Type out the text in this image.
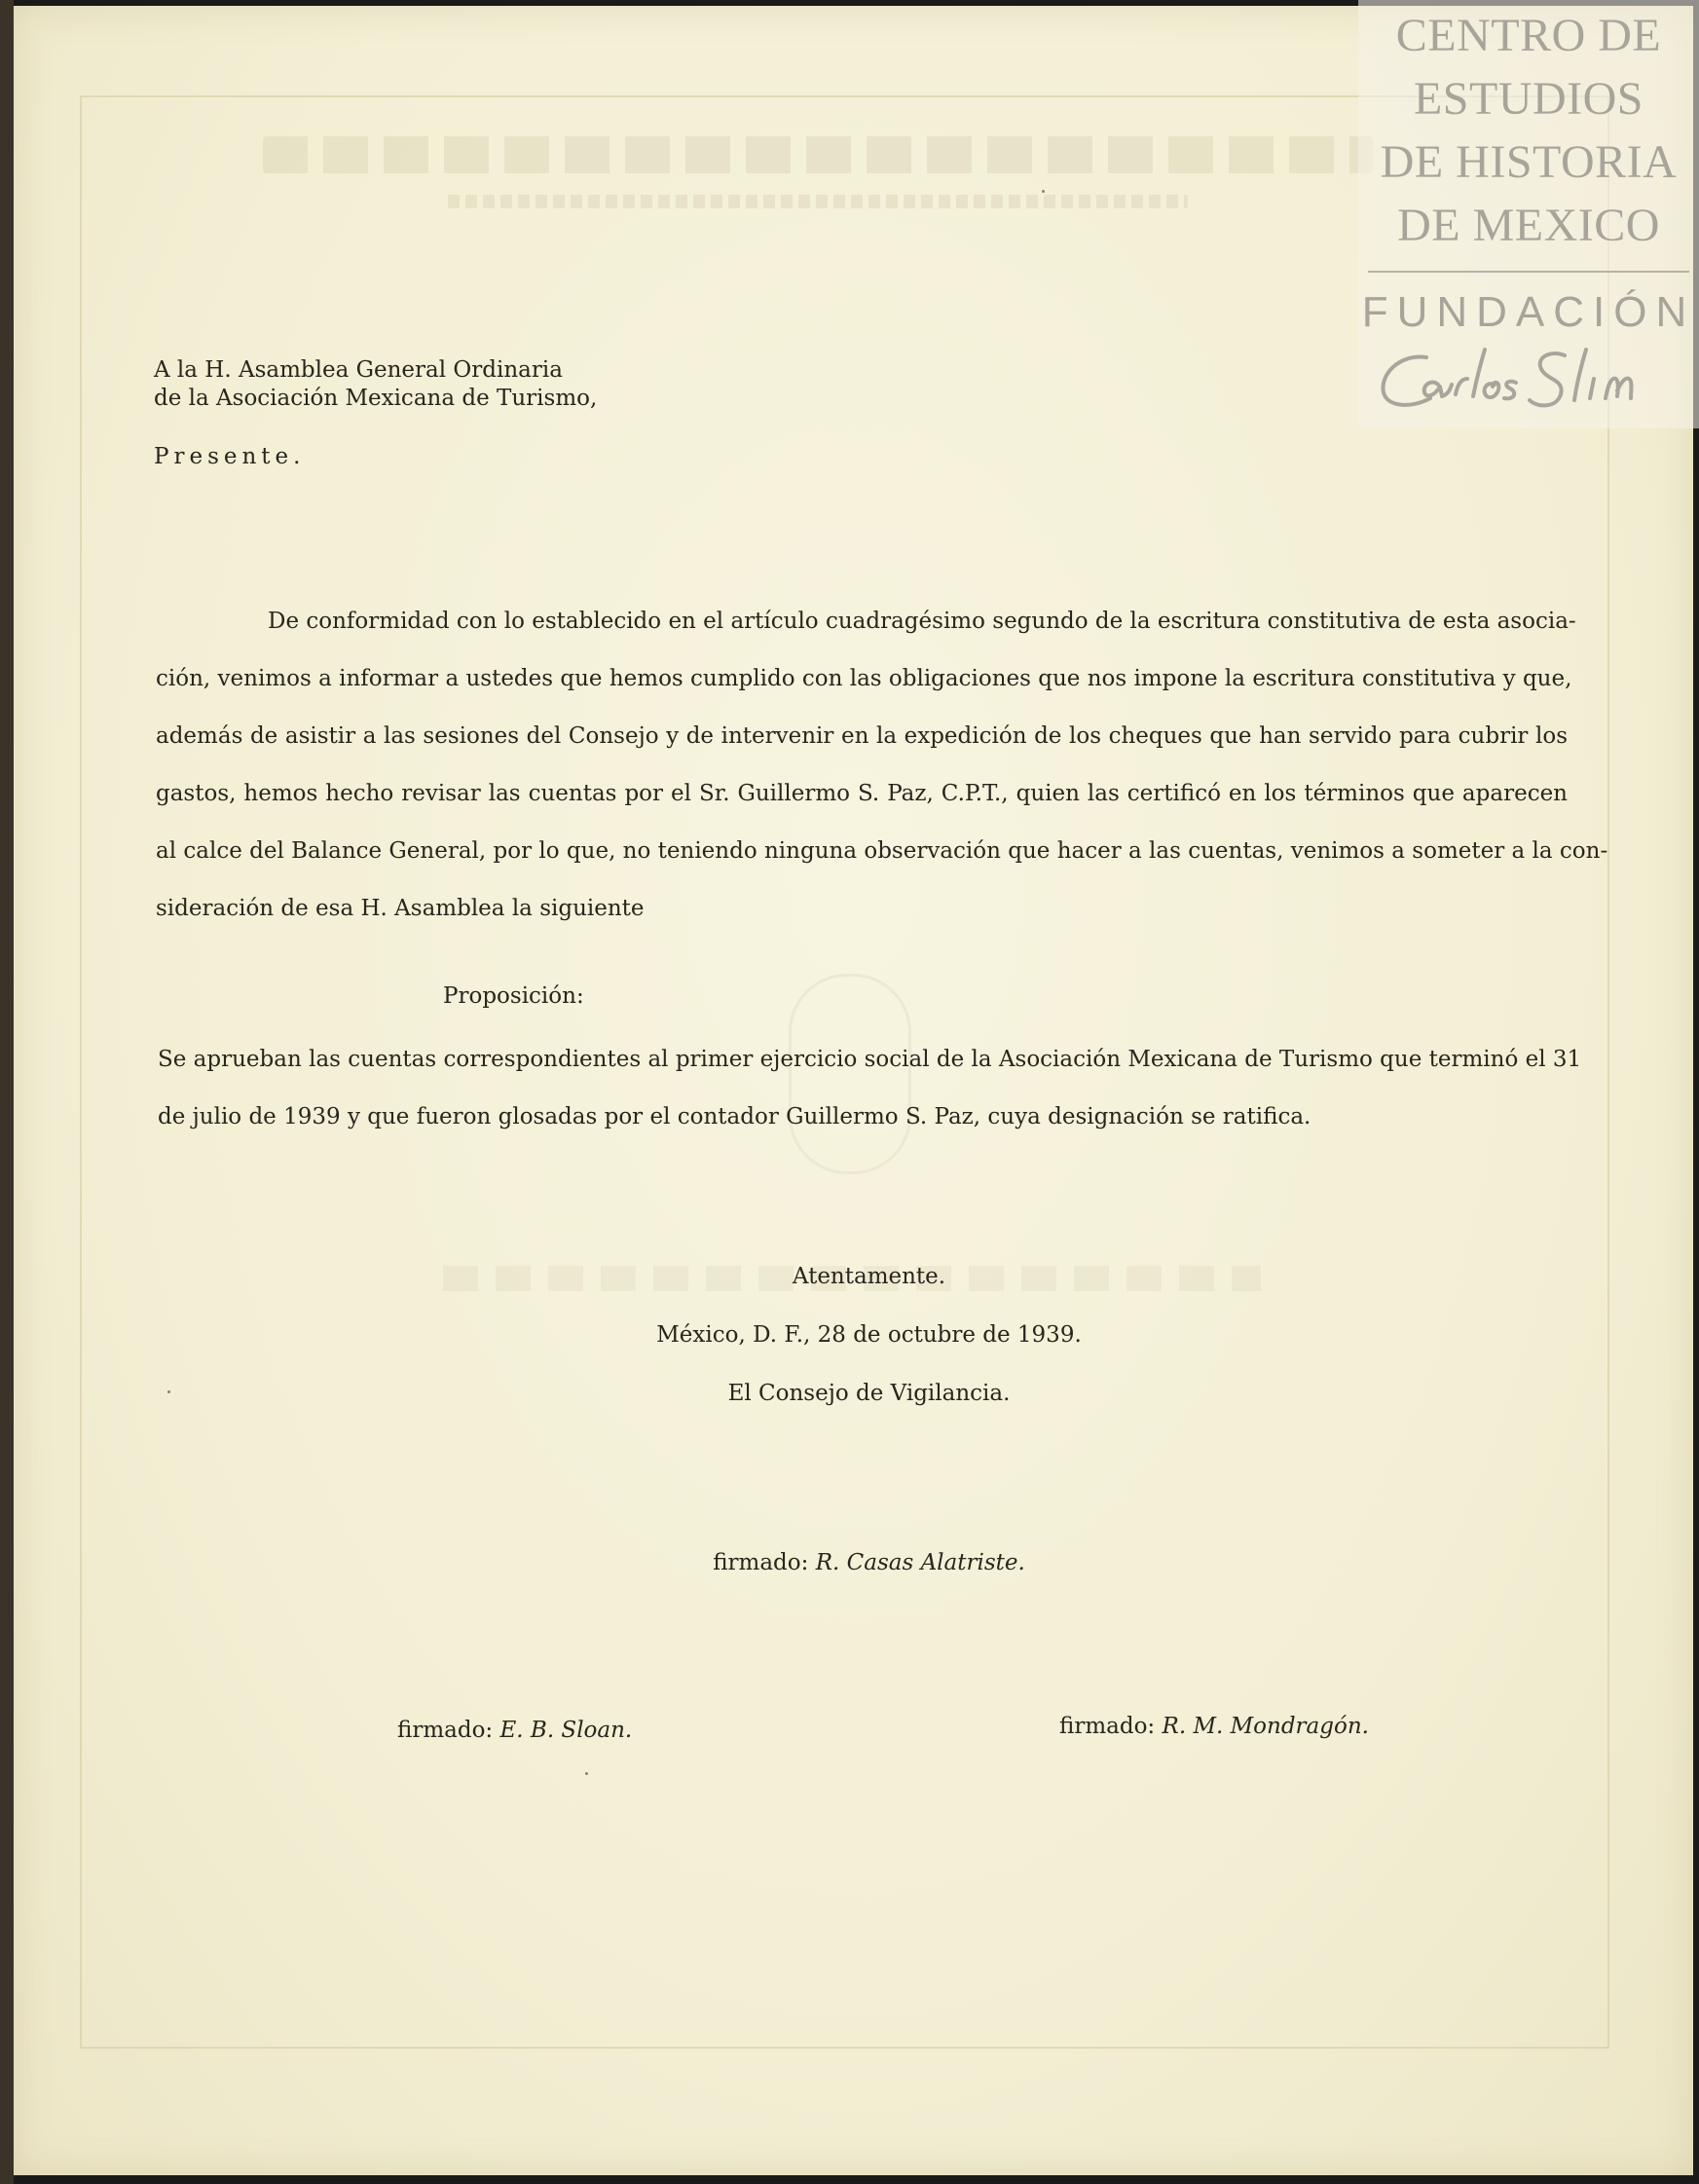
CENTRO DE
ESTUDIOS
DE HISTORIA
DE MEXICO
FUNDACIÓN
A la H. Asamblea General Ordinaria
de la Asociación Mexicana de Turismo,
Presente.
De conformidad con lo establecido en el artículo cuadragésimo segundo de la escritura constitutiva de esta asocia-
ción, venimos a informar a ustedes que hemos cumplido con las obligaciones que nos impone la escritura constitutiva y que,
además de asistir a las sesiones del Consejo y de intervenir en la expedición de los cheques que han servido para cubrir los
gastos, hemos hecho revisar las cuentas por el Sr. Guillermo S. Paz, C.P.T., quien las certificó en los términos que aparecen
al calce del Balance General, por lo que, no teniendo ninguna observación que hacer a las cuentas, venimos a someter a la con-
sideración de esa H. Asamblea la siguiente
Proposición:
Se aprueban las cuentas correspondientes al primer ejercicio social de la Asociación Mexicana de Turismo que terminó el 31
de julio de 1939 y que fueron glosadas por el contador Guillermo S. Paz, cuya designación se ratifica.
Atentamente.
México, D. F., 28 de octubre de 1939.
El Consejo de Vigilancia.
firmado: R. Casas Alatriste.
firmado: E. B. Sloan.	firmado: R. M. Mondragón.
